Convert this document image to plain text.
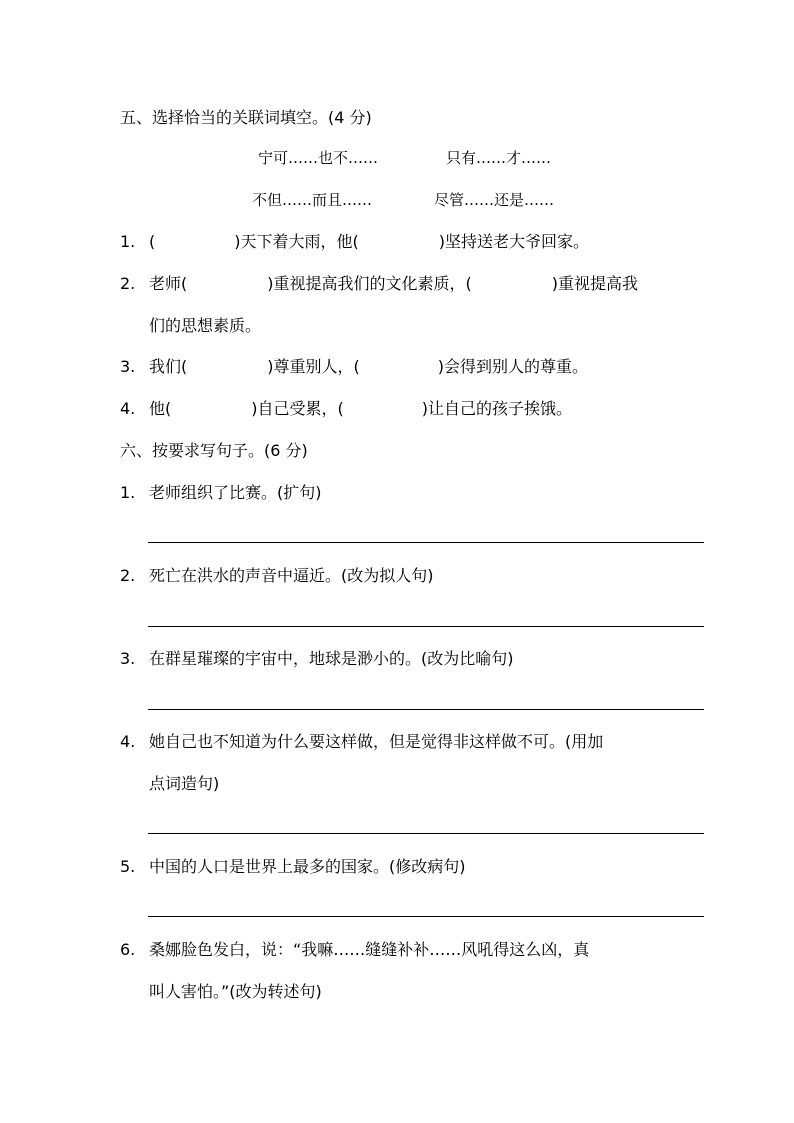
五、选择恰当的关联词填空。(4 分)
宁可……也不……	只有……才……
不但……而且……	尽管……还是……
1. (	)天下着大雨，他(	)坚持送老大爷回家。
2. 老师(	)重视提高我们的文化素质，(	)重视提高我
们的思想素质。
3. 我们(	)尊重别人，(	)会得到别人的尊重。
4. 他(	)自己受累，(	)让自己的孩子挨饿。
六、按要求写句子。(6 分)
1. 老师组织了比赛。(扩句)
2. 死亡在洪水的声音中逼近。(改为拟人句)
3. 在群星璀璨的宇宙中，地球是渺小的。(改为比喻句)
4. 她自己也不知道为什么要这样做，但是觉得非这样做不可。(用加
点词造句)
5. 中国的人口是世界上最多的国家。(修改病句)
6. 桑娜脸色发白，说：“我嘛……缝缝补补……风吼得这么凶，真
叫人害怕。”(改为转述句)
